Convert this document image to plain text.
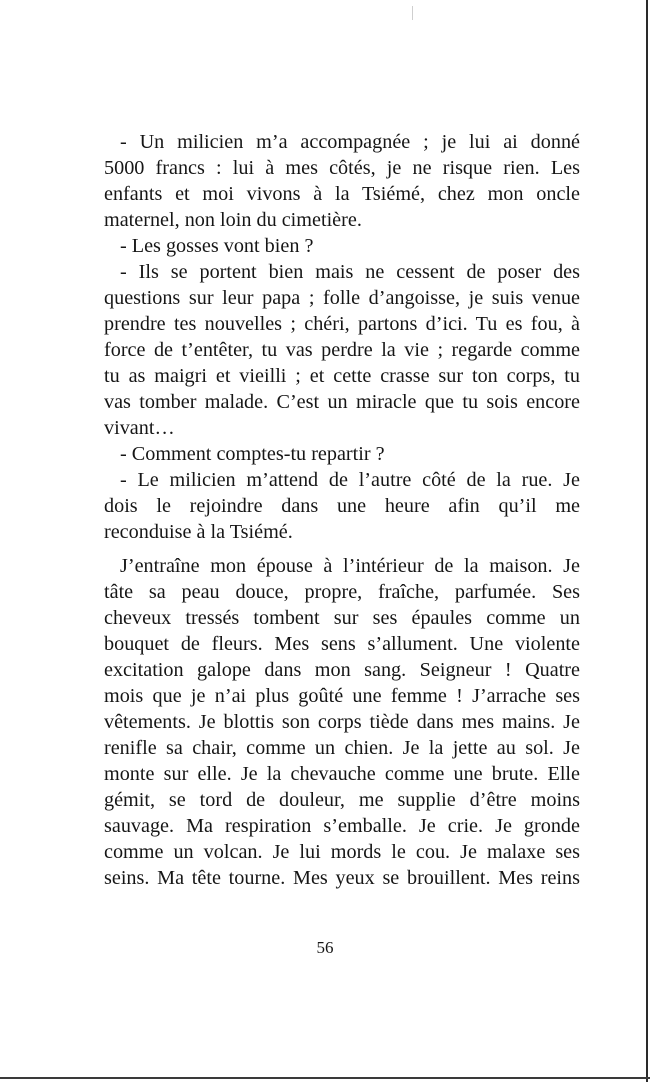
- Un milicien m’a accompagnée ; je lui ai donné
5000 francs : lui à mes côtés, je ne risque rien. Les
enfants et moi vivons à la Tsiémé, chez mon oncle
maternel, non loin du cimetière.
- Les gosses vont bien ?
- Ils se portent bien mais ne cessent de poser des
questions sur leur papa ; folle d’angoisse, je suis venue
prendre tes nouvelles ; chéri, partons d’ici. Tu es fou, à
force de t’entêter, tu vas perdre la vie ; regarde comme
tu as maigri et vieilli ; et cette crasse sur ton corps, tu
vas tomber malade. C’est un miracle que tu sois encore
vivant…
- Comment comptes-tu repartir ?
- Le milicien m’attend de l’autre côté de la rue. Je
dois le rejoindre dans une heure afin qu’il me
reconduise à la Tsiémé.
J’entraîne mon épouse à l’intérieur de la maison. Je
tâte sa peau douce, propre, fraîche, parfumée. Ses
cheveux tressés tombent sur ses épaules comme un
bouquet de fleurs. Mes sens s’allument. Une violente
excitation galope dans mon sang. Seigneur ! Quatre
mois que je n’ai plus goûté une femme ! J’arrache ses
vêtements. Je blottis son corps tiède dans mes mains. Je
renifle sa chair, comme un chien. Je la jette au sol. Je
monte sur elle. Je la chevauche comme une brute. Elle
gémit, se tord de douleur, me supplie d’être moins
sauvage. Ma respiration s’emballe. Je crie. Je gronde
comme un volcan. Je lui mords le cou. Je malaxe ses
seins. Ma tête tourne. Mes yeux se brouillent. Mes reins
56
